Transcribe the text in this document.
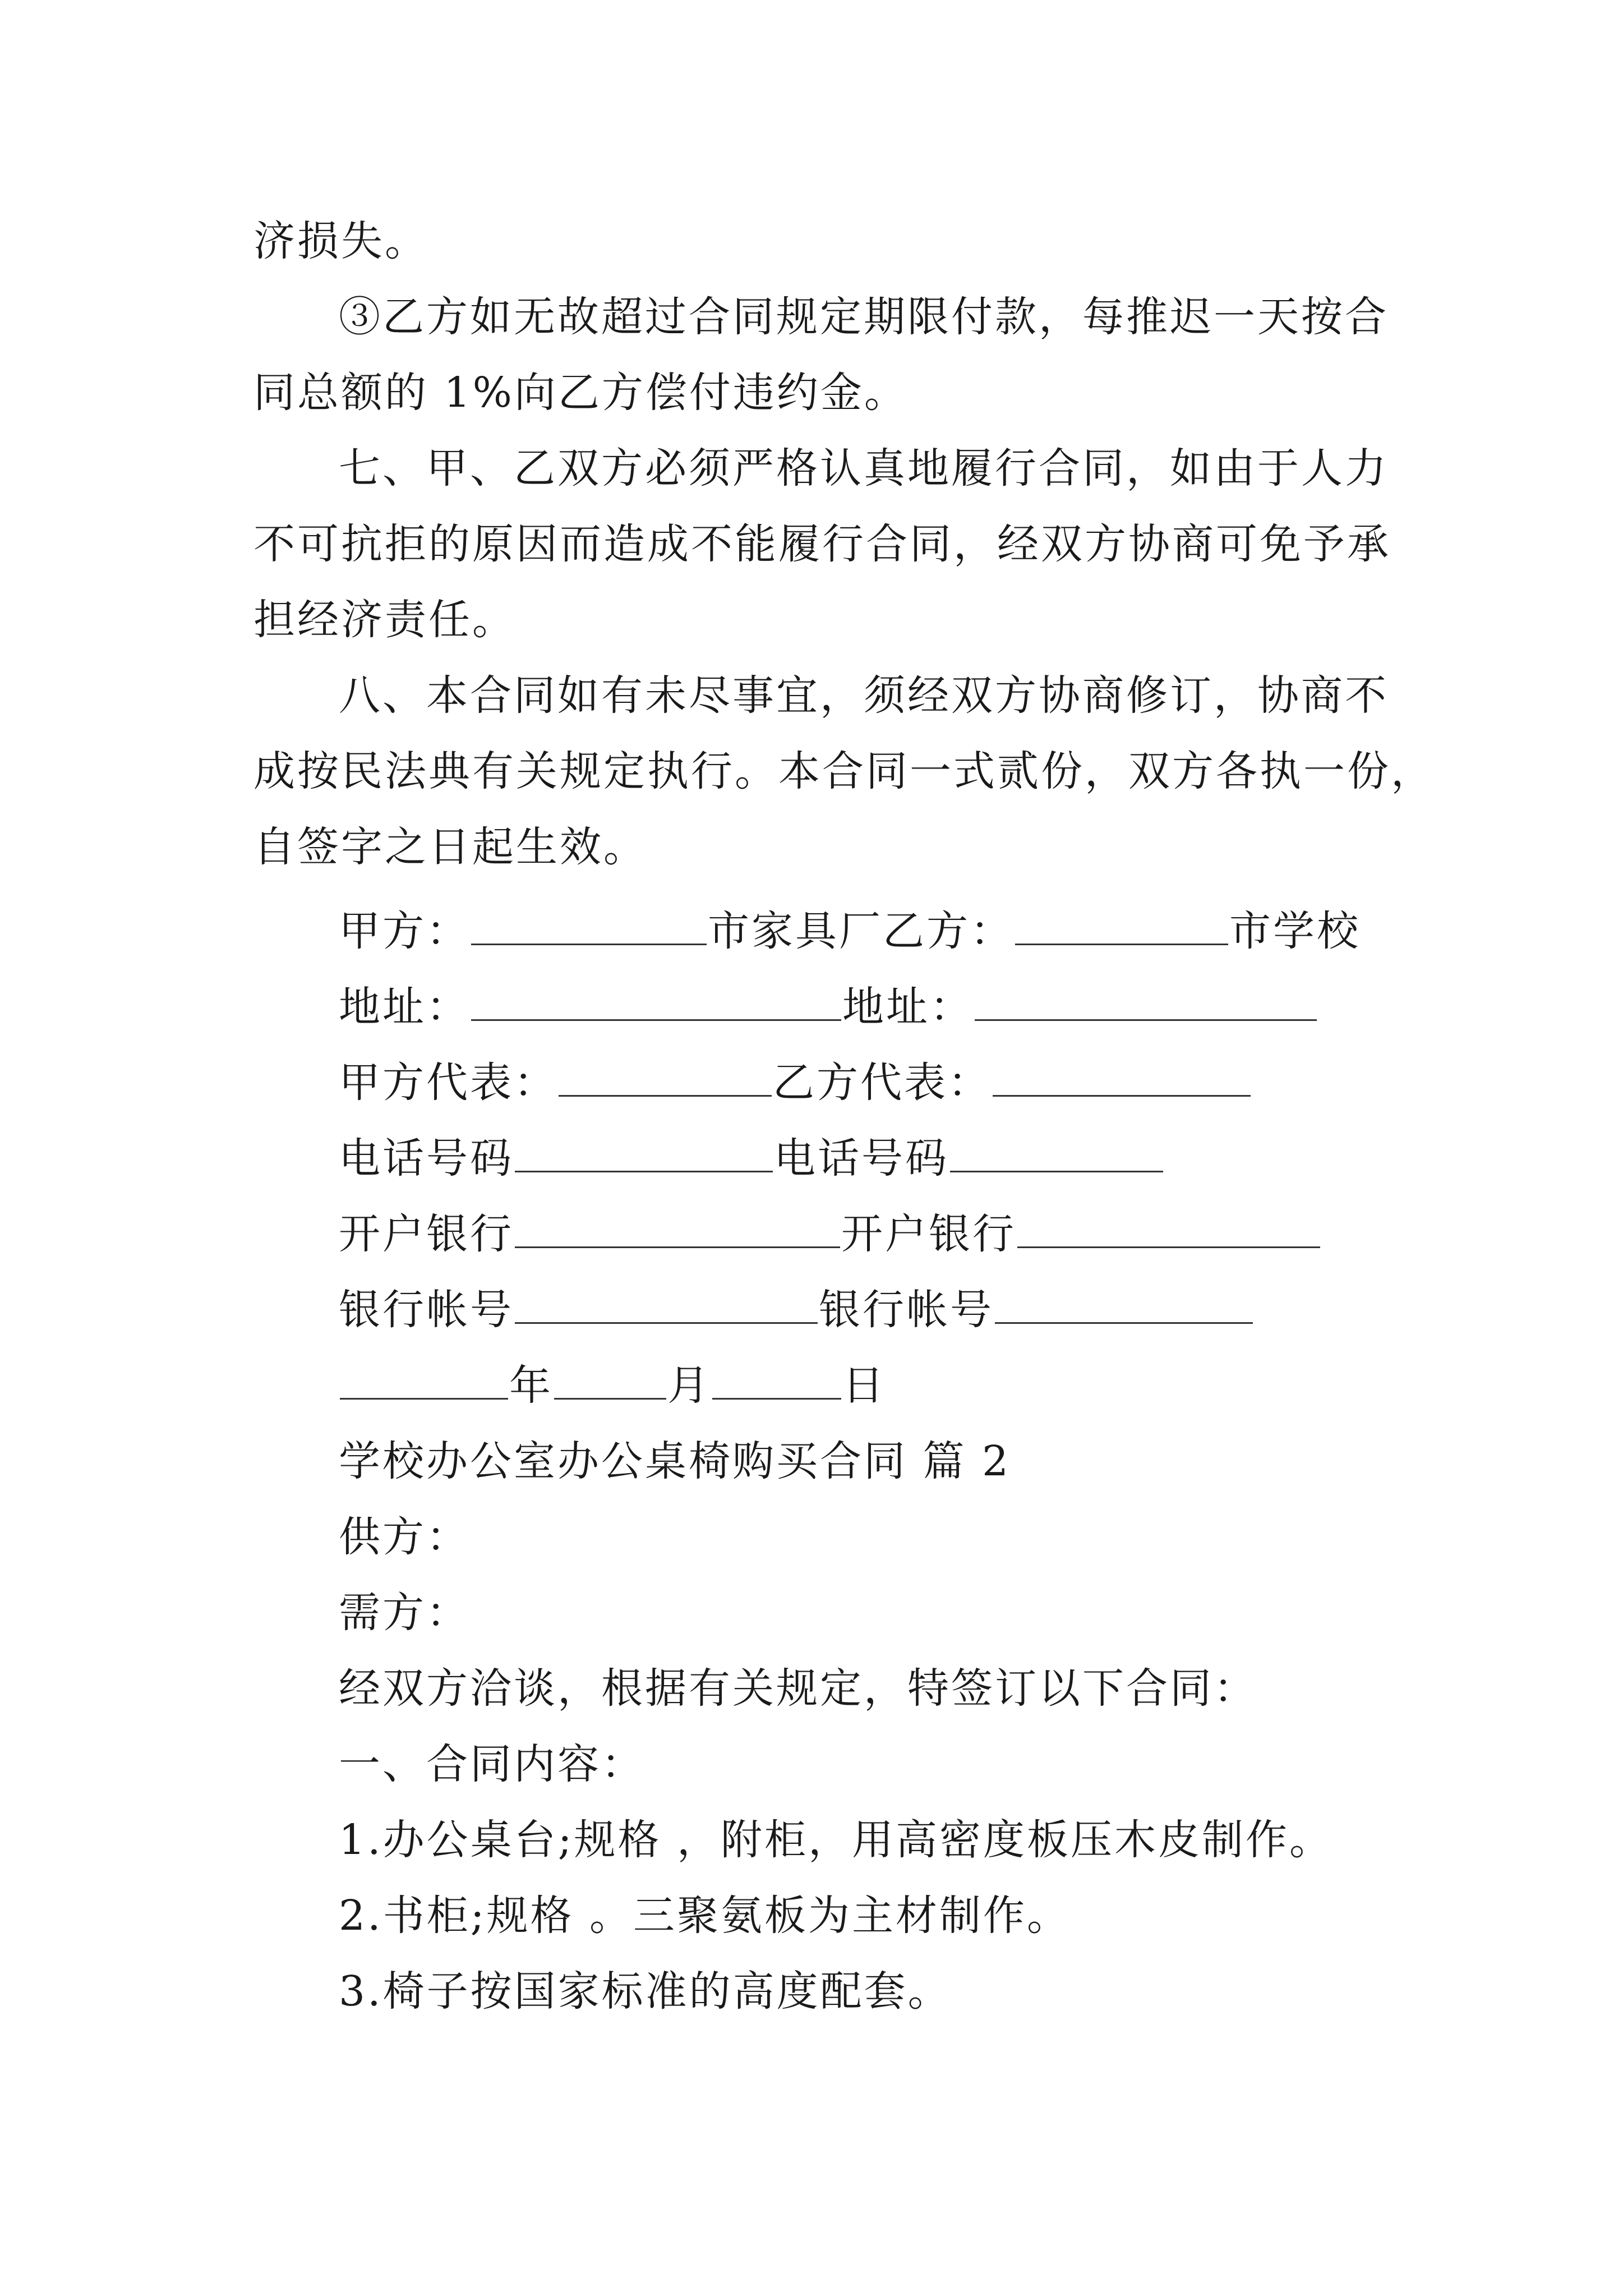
济损失。
③乙方如无故超过合同规定期限付款，每推迟一天按合
同总额的 1%向乙方偿付违约金。
七、甲、乙双方必须严格认真地履行合同，如由于人力
不可抗拒的原因而造成不能履行合同，经双方协商可免予承
担经济责任。
八、本合同如有未尽事宜，须经双方协商修订，协商不
成按民法典有关规定执行。本合同一式贰份，双方各执一份，
自签字之日起生效。
甲方：	市家具厂乙方：	市学校
地址：	地址：
甲方代表：	乙方代表：
电话号码	电话号码
开户银行	开户银行
银行帐号	银行帐号
年	月	日
学校办公室办公桌椅购买合同 篇 2
供方：
需方：
经双方洽谈，根据有关规定，特签订以下合同：
一、合同内容：
1.办公桌台;规格 ，附柜，用高密度板压木皮制作。
2.书柜;规格 。三聚氨板为主材制作。
3.椅子按国家标准的高度配套。
